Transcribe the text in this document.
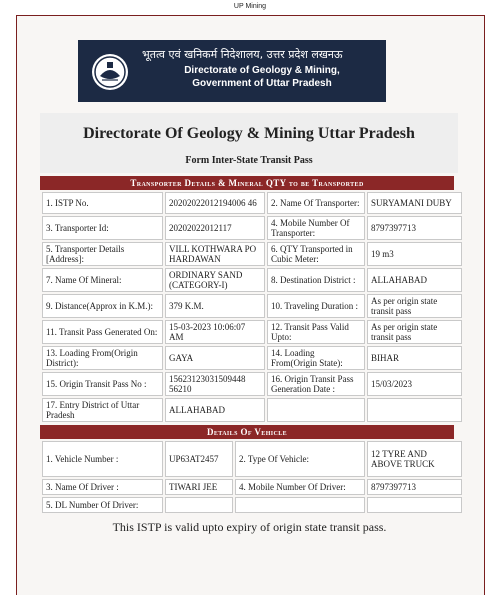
UP Mining
भूतत्व एवं खनिकर्म निदेशालय, उत्तर प्रदेश लखनऊ
Directorate of Geology & Mining,
Government of Uttar Pradesh
Directorate Of Geology & Mining Uttar Pradesh
Form Inter-State Transit Pass
Transporter Details & Mineral QTY to be Transported
1. ISTP No.	20202022012194006 46	2. Name Of Transporter:	SURYAMANI DUBY
3. Transporter Id:	20202022012117	4. Mobile Number Of Transporter:	8797397713
5. Transporter Details [Address]:	VILL KOTHWARA PO HARDAWAN	6. QTY Transported in Cubic Meter:	19 m3
7. Name Of Mineral:	ORDINARY SAND (CATEGORY-I)	8. Destination District :	ALLAHABAD
9. Distance(Approx in K.M.):	379 K.M.	10. Traveling Duration :	As per origin state transit pass
11. Transit Pass Generated On:	15-03-2023 10:06:07 AM	12. Transit Pass Valid Upto:	As per origin state transit pass
13. Loading From(Origin District):	GAYA	14. Loading From(Origin State):	BIHAR
15. Origin Transit Pass No :	15623123031509448 56210	16. Origin Transit Pass Generation Date :	15/03/2023
17. Entry District of Uttar Pradesh	ALLAHABAD		
Details Of Vehicle
1. Vehicle Number :	UP63AT2457	2. Type Of Vehicle:	12 TYRE AND ABOVE TRUCK
3. Name Of Driver :	TIWARI JEE	4. Mobile Number Of Driver:	8797397713
5. DL Number Of Driver:			
This ISTP is valid upto expiry of origin state transit pass.
